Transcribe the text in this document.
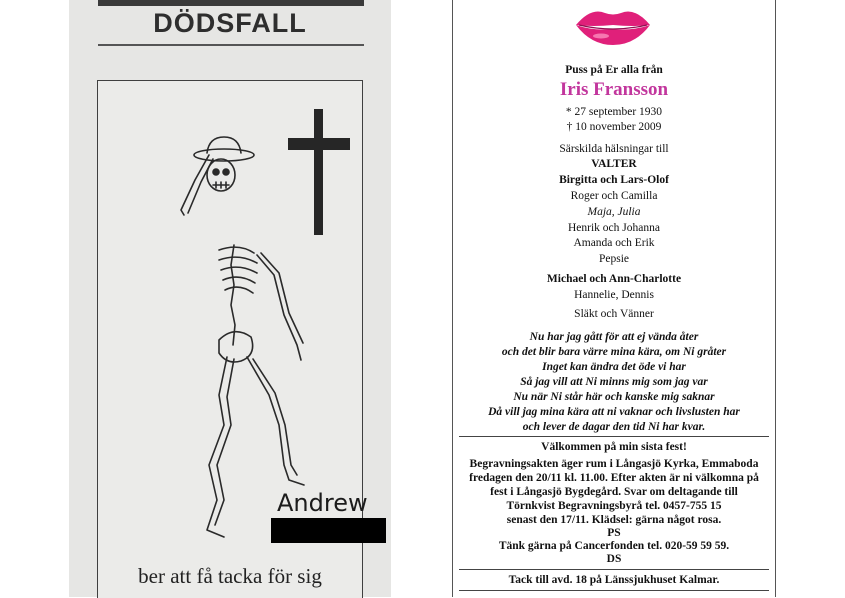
DÖDSFALL
Andrew
ber att få tacka för sig
Puss på Er alla från
Iris Fransson
* 27 september 1930
† 10 november 2009
Särskilda hälsningar till
VALTER
Birgitta och Lars-Olof
Roger och Camilla
Maja, Julia
Henrik och Johanna
Amanda och Erik
Pepsie
Michael och Ann-Charlotte
Hannelie, Dennis
Släkt och Vänner
Nu har jag gått för att ej vända åter
och det blir bara värre mina kära, om Ni gråter
Inget kan ändra det öde vi har
Så jag vill att Ni minns mig som jag var
Nu när Ni står här och kanske mig saknar
Då vill jag mina kära att ni vaknar och livslusten har
och lever de dagar den tid Ni har kvar.
Välkommen på min sista fest!
Begravningsakten äger rum i Långasjö Kyrka, Emmaboda
fredagen den 20/11 kl. 11.00. Efter akten är ni välkomna på
fest i Långasjö Bygdegård. Svar om deltagande till
Törnkvist Begravningsbyrå tel. 0457-755 15
senast den 17/11. Klädsel: gärna något rosa.
PS
Tänk gärna på Cancerfonden tel. 020-59 59 59.
DS
Tack till avd. 18 på Länssjukhuset Kalmar.
